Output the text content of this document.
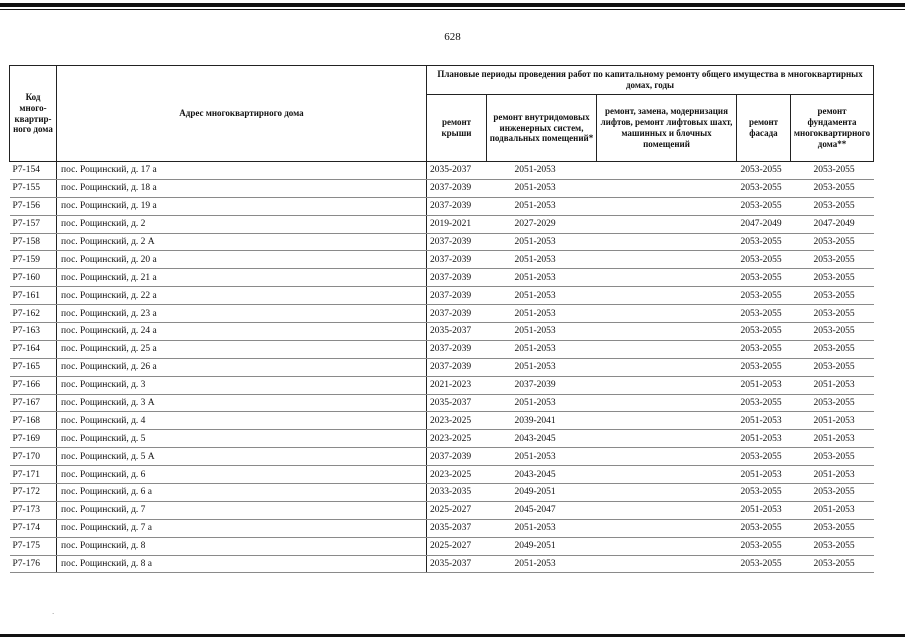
628
Код много-квартир-ного дома	Адрес многоквартирного дома	Плановые периоды проведения работ по капитальному ремонту общего имущества в многоквартирных домах, годы				
		ремонт крыши	ремонт внутридомовых инженерных систем, подвальных помещений*	ремонт, замена, модернизация лифтов, ремонт лифтовых шахт, машинных и блочных помещений	ремонт фасада	ремонт фундамента многоквартирного дома**
Р7-154	пос. Рощинский, д. 17 а	2035-2037	2051-2053		2053-2055	2053-2055
Р7-155	пос. Рощинский, д. 18 а	2037-2039	2051-2053		2053-2055	2053-2055
Р7-156	пос. Рощинский, д. 19 а	2037-2039	2051-2053		2053-2055	2053-2055
Р7-157	пос. Рощинский, д. 2	2019-2021	2027-2029		2047-2049	2047-2049
Р7-158	пос. Рощинский, д. 2 А	2037-2039	2051-2053		2053-2055	2053-2055
Р7-159	пос. Рощинский, д. 20 а	2037-2039	2051-2053		2053-2055	2053-2055
Р7-160	пос. Рощинский, д. 21 а	2037-2039	2051-2053		2053-2055	2053-2055
Р7-161	пос. Рощинский, д. 22 а	2037-2039	2051-2053		2053-2055	2053-2055
Р7-162	пос. Рощинский, д. 23 а	2037-2039	2051-2053		2053-2055	2053-2055
Р7-163	пос. Рощинский, д. 24 а	2035-2037	2051-2053		2053-2055	2053-2055
Р7-164	пос. Рощинский, д. 25 а	2037-2039	2051-2053		2053-2055	2053-2055
Р7-165	пос. Рощинский, д. 26 а	2037-2039	2051-2053		2053-2055	2053-2055
Р7-166	пос. Рощинский, д. 3	2021-2023	2037-2039		2051-2053	2051-2053
Р7-167	пос. Рощинский, д. 3 А	2035-2037	2051-2053		2053-2055	2053-2055
Р7-168	пос. Рощинский, д. 4	2023-2025	2039-2041		2051-2053	2051-2053
Р7-169	пос. Рощинский, д. 5	2023-2025	2043-2045		2051-2053	2051-2053
Р7-170	пос. Рощинский, д. 5 А	2037-2039	2051-2053		2053-2055	2053-2055
Р7-171	пос. Рощинский, д. 6	2023-2025	2043-2045		2051-2053	2051-2053
Р7-172	пос. Рощинский, д. 6 а	2033-2035	2049-2051		2053-2055	2053-2055
Р7-173	пос. Рощинский, д. 7	2025-2027	2045-2047		2051-2053	2051-2053
Р7-174	пос. Рощинский, д. 7 а	2035-2037	2051-2053		2053-2055	2053-2055
Р7-175	пос. Рощинский, д. 8	2025-2027	2049-2051		2053-2055	2053-2055
Р7-176	пос. Рощинский, д. 8 а	2035-2037	2051-2053		2053-2055	2053-2055
`
